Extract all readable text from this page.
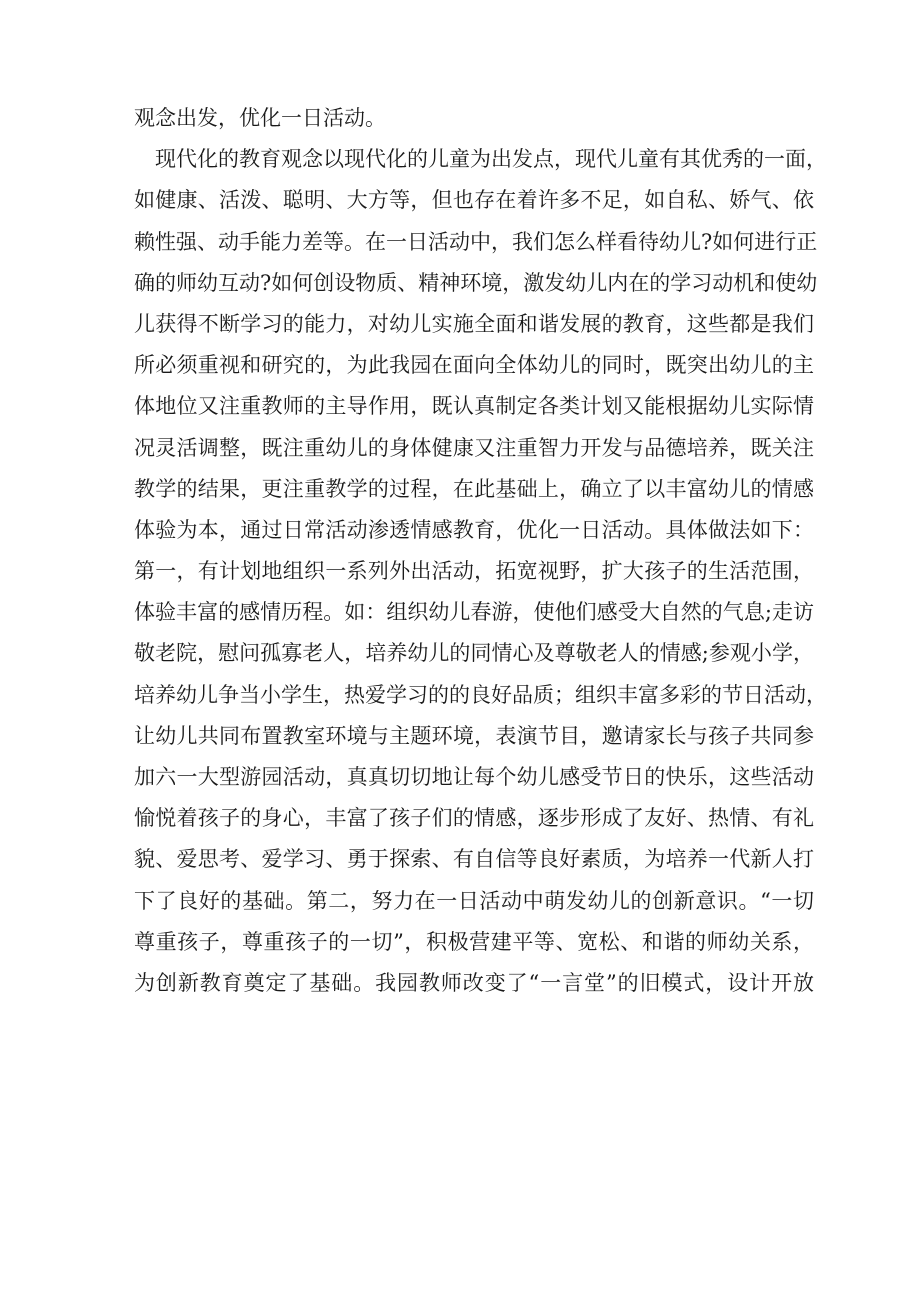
观念出发，优化一日活动。
现代化的教育观念以现代化的儿童为出发点，现代儿童有其优秀的一面，
如健康、活泼、聪明、大方等，但也存在着许多不足，如自私、娇气、依
赖性强、动手能力差等。在一日活动中，我们怎么样看待幼儿?如何进行正
确的师幼互动?如何创设物质、精神环境，激发幼儿内在的学习动机和使幼
儿获得不断学习的能力，对幼儿实施全面和谐发展的教育，这些都是我们
所必须重视和研究的，为此我园在面向全体幼儿的同时，既突出幼儿的主
体地位又注重教师的主导作用，既认真制定各类计划又能根据幼儿实际情
况灵活调整，既注重幼儿的身体健康又注重智力开发与品德培养，既关注
教学的结果，更注重教学的过程，在此基础上，确立了以丰富幼儿的情感
体验为本，通过日常活动渗透情感教育，优化一日活动。具体做法如下：
第一，有计划地组织一系列外出活动，拓宽视野，扩大孩子的生活范围，
体验丰富的感情历程。如：组织幼儿春游，使他们感受大自然的气息;走访
敬老院，慰问孤寡老人，培养幼儿的同情心及尊敬老人的情感;参观小学，
培养幼儿争当小学生，热爱学习的的良好品质；组织丰富多彩的节日活动，
让幼儿共同布置教室环境与主题环境，表演节目，邀请家长与孩子共同参
加六一大型游园活动，真真切切地让每个幼儿感受节日的快乐，这些活动
愉悦着孩子的身心，丰富了孩子们的情感，逐步形成了友好、热情、有礼
貌、爱思考、爱学习、勇于探索、有自信等良好素质，为培养一代新人打
下了良好的基础。第二，努力在一日活动中萌发幼儿的创新意识。“一切
尊重孩子，尊重孩子的一切”，积极营建平等、宽松、和谐的师幼关系，
为创新教育奠定了基础。我园教师改变了“一言堂”的旧模式，设计开放
